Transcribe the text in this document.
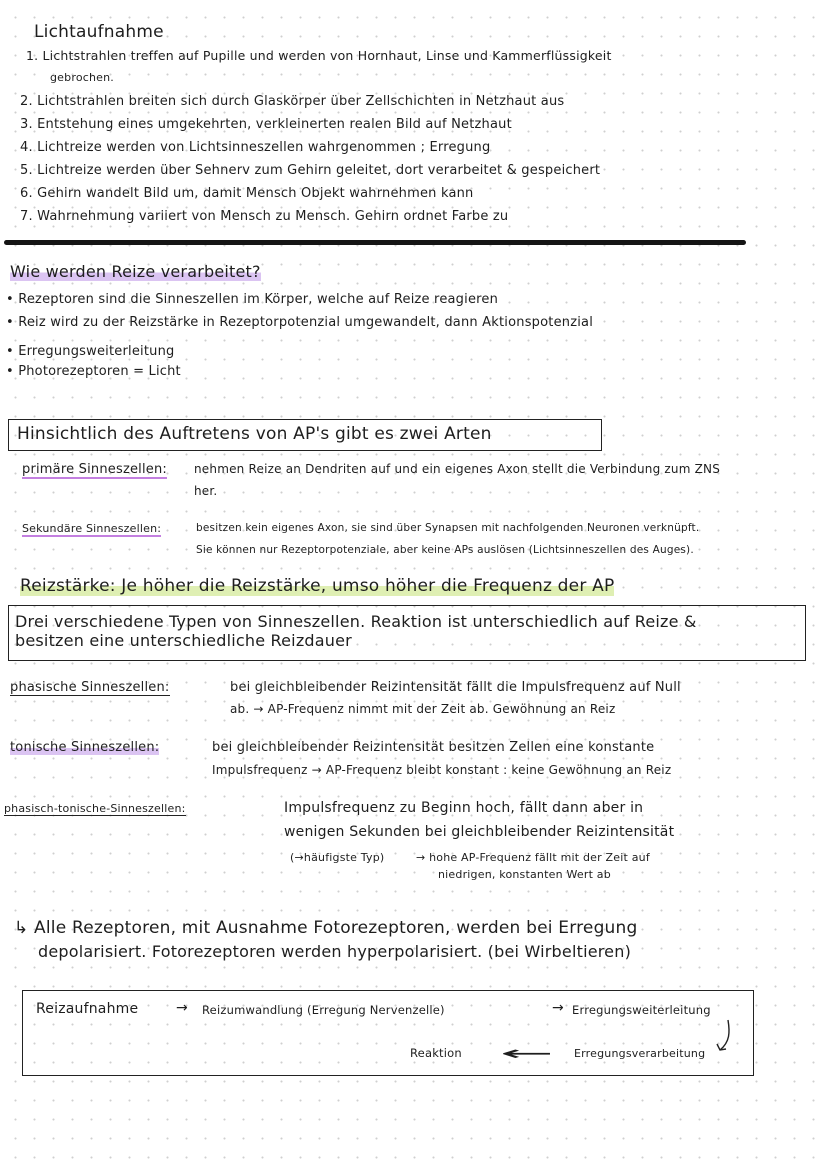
Lichtaufnahme
1. Lichtstrahlen treffen auf Pupille und werden von Hornhaut, Linse und Kammerflüssigkeit
gebrochen.
2. Lichtstrahlen breiten sich durch Glaskörper über Zellschichten in Netzhaut aus
3. Entstehung eines umgekehrten, verkleinerten realen Bild auf Netzhaut
4. Lichtreize werden von Lichtsinneszellen wahrgenommen ; Erregung
5. Lichtreize werden über Sehnerv zum Gehirn geleitet, dort verarbeitet & gespeichert
6. Gehirn wandelt Bild um, damit Mensch Objekt wahrnehmen kann
7. Wahrnehmung variiert von Mensch zu Mensch. Gehirn ordnet Farbe zu
Wie werden Reize verarbeitet?
• Rezeptoren sind die Sinneszellen im Körper, welche auf Reize reagieren
• Reiz wird zu der Reizstärke in Rezeptorpotenzial umgewandelt, dann Aktionspotenzial
• Erregungsweiterleitung
• Photorezeptoren = Licht
Hinsichtlich des Auftretens von AP's gibt es zwei Arten
primäre Sinneszellen: nehmen Reize an Dendriten auf und ein eigenes Axon stellt die Verbindung zum ZNS
her.
Sekundäre Sinneszellen:	besitzen kein eigenes Axon, sie sind über Synapsen mit nachfolgenden Neuronen verknüpft.
Sie können nur Rezeptorpotenziale, aber keine APs auslösen (Lichtsinneszellen des Auges).
Reizstärke: Je höher die Reizstärke, umso höher die Frequenz der AP
Drei verschiedene Typen von Sinneszellen. Reaktion ist unterschiedlich auf Reize &
besitzen eine unterschiedliche Reizdauer
phasische Sinneszellen:	bei gleichbleibender Reizintensität fällt die Impulsfrequenz auf Null
ab. → AP-Frequenz nimmt mit der Zeit ab. Gewöhnung an Reiz
tonische Sinneszellen:	bei gleichbleibender Reizintensität besitzen Zellen eine konstante
Impulsfrequenz → AP-Frequenz bleibt konstant : keine Gewöhnung an Reiz
phasisch-tonische-Sinneszellen:	Impulsfrequenz zu Beginn hoch, fällt dann aber in
wenigen Sekunden bei gleichbleibender Reizintensität
(→häufigste Typ)	→ hohe AP-Frequenz fällt mit der Zeit auf
niedrigen, konstanten Wert ab
↳ Alle Rezeptoren, mit Ausnahme Fotorezeptoren, werden bei Erregung
depolarisiert. Fotorezeptoren werden hyperpolarisiert. (bei Wirbeltieren)
Reizaufnahme	→ Reizumwandlung (Erregung Nervenzelle)	→ Erregungsweiterleitung
Erregungsverarbeitung
←
Reaktion
